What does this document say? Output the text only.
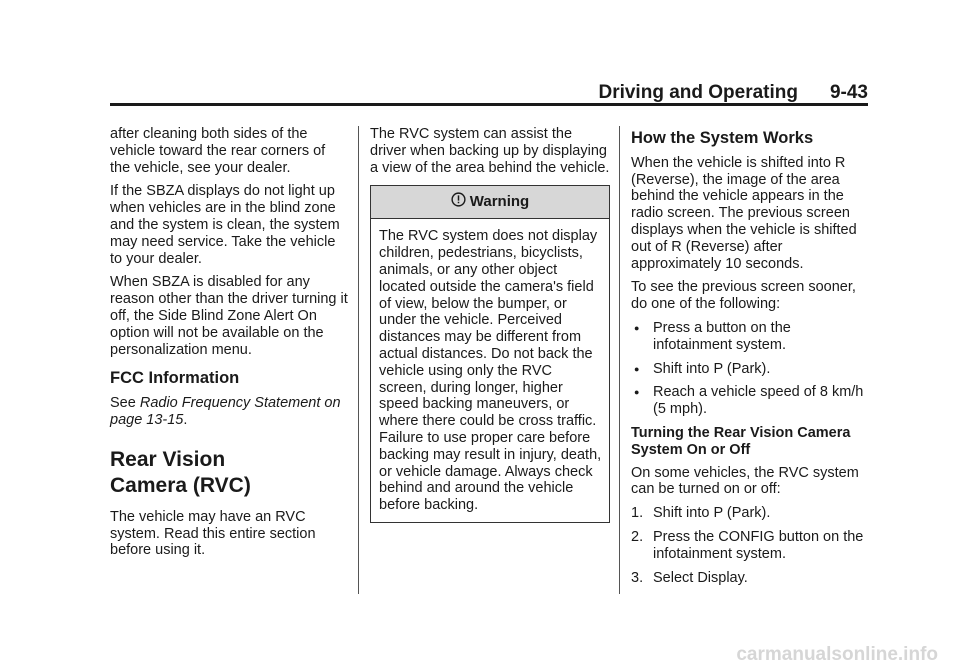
Driving and Operating 9-43

after cleaning both sides of the vehicle toward the rear corners of the vehicle, see your dealer.

If the SBZA displays do not light up when vehicles are in the blind zone and the system is clean, the system may need service. Take the vehicle to your dealer.

When SBZA is disabled for any reason other than the driver turning it off, the Side Blind Zone Alert On option will not be available on the personalization menu.

FCC Information

See Radio Frequency Statement on page 13-15.

Rear Vision
Camera (RVC)

The vehicle may have an RVC system. Read this entire section before using it.

The RVC system can assist the driver when backing up by displaying a view of the area behind the vehicle.

Warning
The RVC system does not display children, pedestrians, bicyclists, animals, or any other object located outside the camera's field of view, below the bumper, or under the vehicle. Perceived distances may be different from actual distances. Do not back the vehicle using only the RVC screen, during longer, higher speed backing maneuvers, or where there could be cross traffic. Failure to use proper care before backing may result in injury, death, or vehicle damage. Always check behind and around the vehicle before backing.
How the System Works

When the vehicle is shifted into R (Reverse), the image of the area behind the vehicle appears in the radio screen. The previous screen displays when the vehicle is shifted out of R (Reverse) after approximately 10 seconds.

To see the previous screen sooner, do one of the following:

● Press a button on the infotainment system.
● Shift into P (Park).
● Reach a vehicle speed of 8 km/h (5 mph).
Turning the Rear Vision Camera System On or Off

On some vehicles, the RVC system can be turned on or off:

1. Shift into P (Park).
2. Press the CONFIG button on the infotainment system.
3. Select Display.
carmanualsonline.info
